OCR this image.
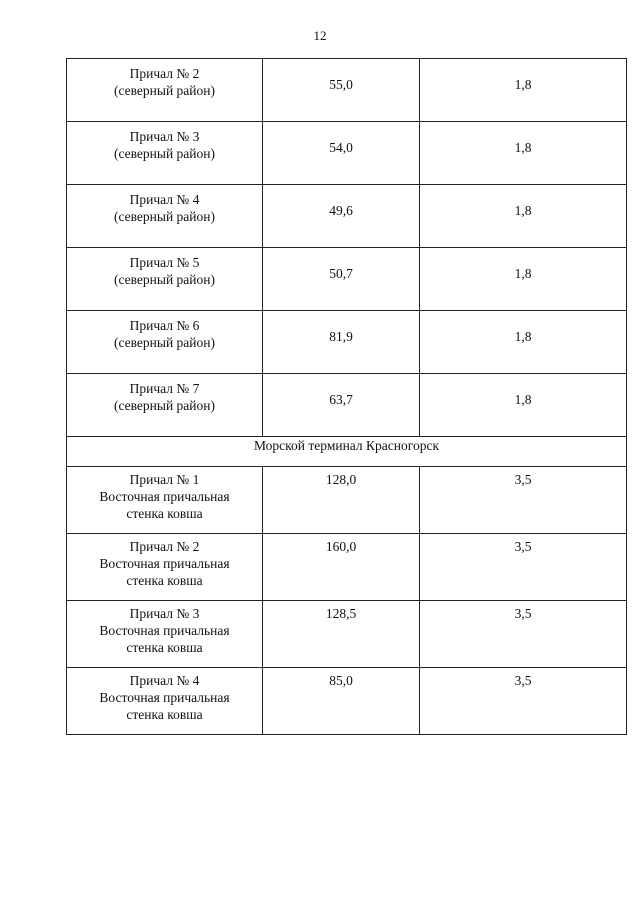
12
Причал № 2
(северный район)	55,0	1,8

Причал № 3
(северный район)	54,0	1,8

Причал № 4
(северный район)	49,6	1,8

Причал № 5
(северный район)	50,7	1,8

Причал № 6
(северный район)	81,9	1,8

Причал № 7
(северный район)	63,7	1,8
Морской терминал Красногорск		

Причал № 1
Восточная причальная
стенка ковша	128,0	3,5

Причал № 2
Восточная причальная
стенка ковша	160,0	3,5

Причал № 3
Восточная причальная
стенка ковша	128,5	3,5

Причал № 4
Восточная причальная
стенка ковша	85,0	3,5
